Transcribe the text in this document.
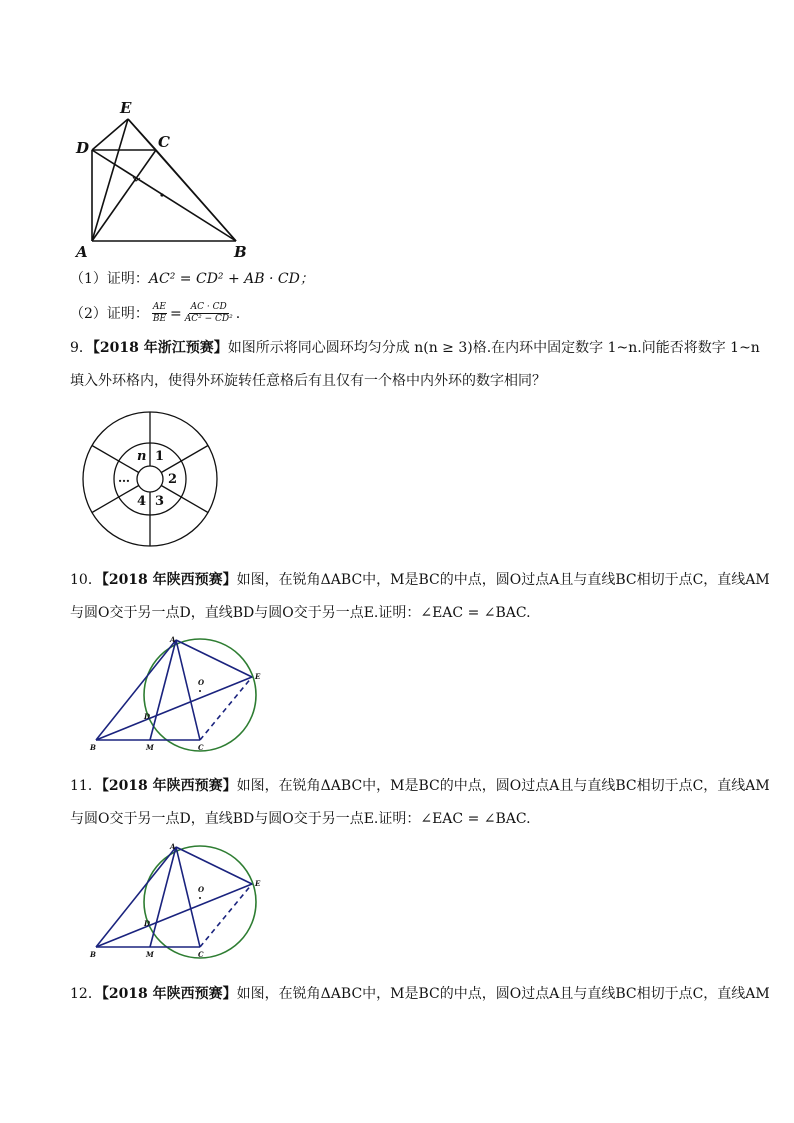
E
D	C
A	B
（1）证明：AC² = CD² + AB · CD；
（2）证明： $\frac{AE}{BE} = \frac{AC \cdot CD}{\text{AC² − CD²}}$ .
9．【2018 年浙江预赛】如图所示将同心圆环均匀分成 n(n ≥ 3)格.在内环中固定数字 1~n.问能否将数字 1~n
填入外环格内，使得外环旋转任意格后有且仅有一个格中内外环的数字相同？
n 1
2
3
4
…
10．【2018 年陕西预赛】如图，在锐角ΔABC中，M是BC的中点，圆O过点A且与直线BC相切于点C，直线AM
与圆O交于另一点D，直线BD与圆O交于另一点E.证明：∠EAC = ∠BAC.
A
O
E
D
B	M	C
11．【2018 年陕西预赛】如图，在锐角ΔABC中，M是BC的中点，圆O过点A且与直线BC相切于点C，直线AM
与圆O交于另一点D，直线BD与圆O交于另一点E.证明：∠EAC = ∠BAC.
A
O
E
D
B	M	C
12．【2018 年陕西预赛】如图，在锐角ΔABC中，M是BC的中点，圆O过点A且与直线BC相切于点C，直线AM
